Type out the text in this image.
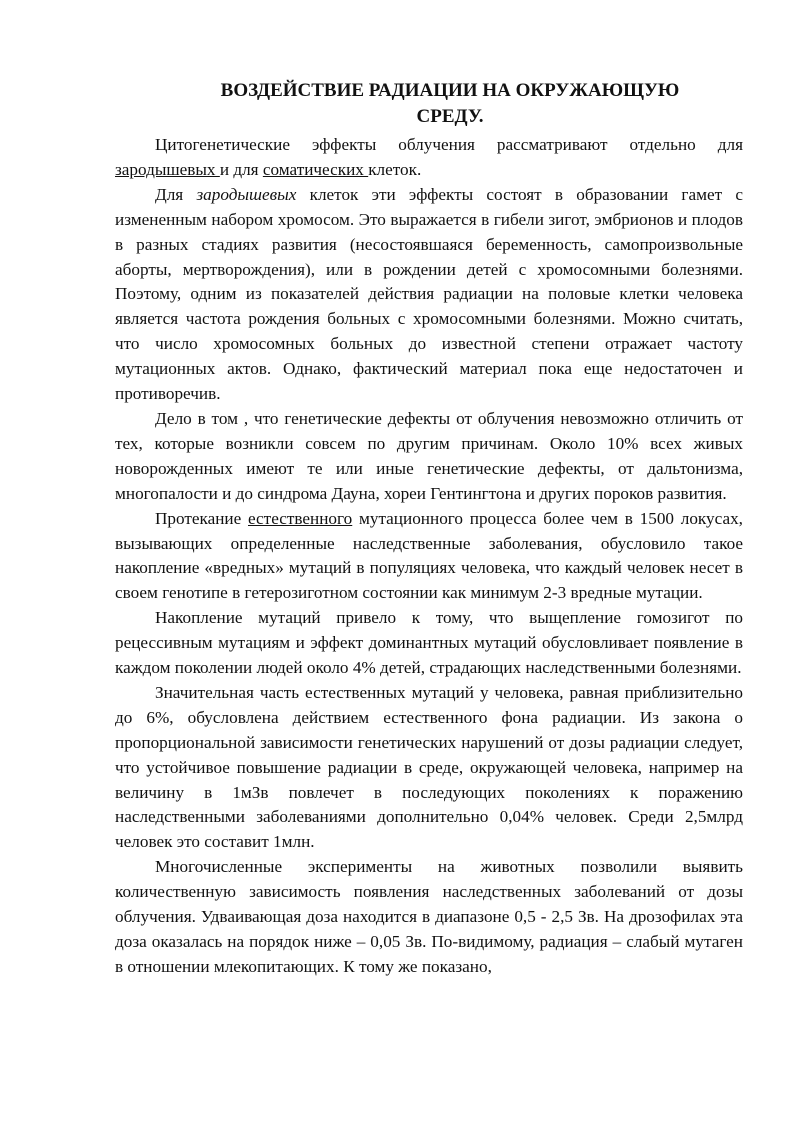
ВОЗДЕЙСТВИЕ РАДИАЦИИ НА ОКРУЖАЮЩУЮ
СРЕДУ.

Цитогенетические эффекты облучения рассматривают отдельно для зародышевых и для соматических клеток.

Для зародышевых клеток эти эффекты состоят в образовании гамет с измененным набором хромосом. Это выражается в гибели зигот, эмбрионов и плодов в разных стадиях развития (несостоявшаяся беременность, самопроизвольные аборты, мертворождения), или в рождении детей с хромосомными болезнями. Поэтому, одним из показателей действия радиации на половые клетки человека является частота рождения больных с хромосомными болезнями. Можно считать, что число хромосомных больных до известной степени отражает частоту мутационных актов. Однако, фактический материал пока еще недостаточен и противоречив.

Дело в том , что генетические дефекты от облучения невозможно отличить от тех, которые возникли совсем по другим причинам. Около 10% всех живых новорожденных имеют те или иные генетические дефекты, от дальтонизма, многопалости и до синдрома Дауна, хореи Гентингтона и других пороков развития.

Протекание естественного мутационного процесса более чем в 1500 локусах, вызывающих определенные наследственные заболевания, обусловило такое накопление «вредных» мутаций в популяциях человека, что каждый человек несет в своем генотипе в гетерозиготном состоянии как минимум 2-3 вредные мутации.

Накопление мутаций привело к тому, что выщепление гомозигот по рецессивным мутациям и эффект доминантных мутаций обусловливает появление в каждом поколении людей около 4% детей, страдающих наследственными болезнями.

Значительная часть естественных мутаций у человека, равная приблизительно до 6%, обусловлена действием естественного фона радиации. Из закона о пропорциональной зависимости генетических нарушений от дозы радиации следует, что устойчивое повышение радиации в среде, окружающей человека, например на величину в 1мЗв повлечет в последующих поколениях к поражению наследственными заболеваниями дополнительно 0,04% человек. Среди 2,5млрд человек это составит 1млн.

Многочисленные эксперименты на животных позволили выявить количественную зависимость появления наследственных заболеваний от дозы облучения. Удваивающая доза находится в диапазоне 0,5 - 2,5 Зв. На дрозофилах эта доза оказалась на порядок ниже – 0,05 Зв. По-видимому, радиация – слабый мутаген в отношении млекопитающих. К тому же показано,
